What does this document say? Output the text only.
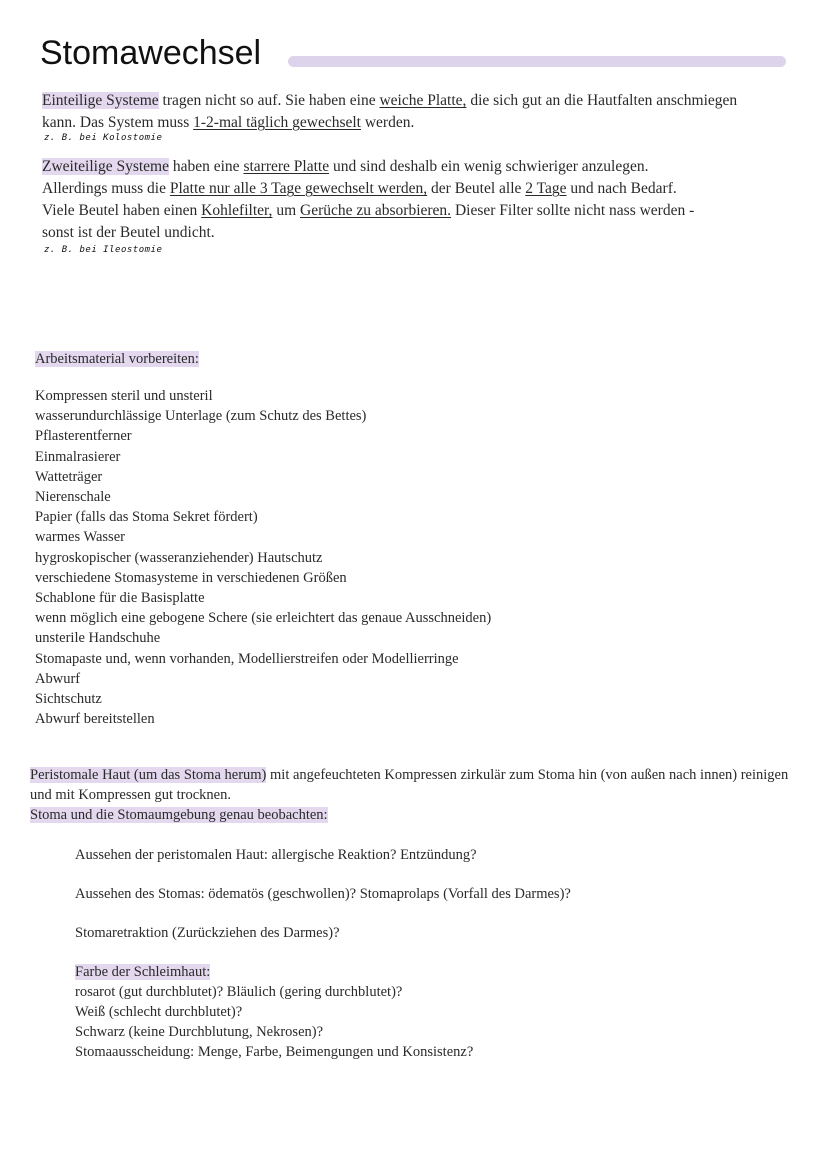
Stomawechsel

Einteilige Systeme tragen nicht so auf. Sie haben eine weiche Platte, die sich gut an die Hautfalten anschmiegen kann. Das System muss 1-2-mal täglich gewechselt werden.

z. B. bei Kolostomie

Zweiteilige Systeme haben eine starrere Platte und sind deshalb ein wenig schwieriger anzulegen. Allerdings muss die Platte nur alle 3 Tage gewechselt werden, der Beutel alle 2 Tage und nach Bedarf. Viele Beutel haben einen Kohlefilter, um Gerüche zu absorbieren. Dieser Filter sollte nicht nass werden - sonst ist der Beutel undicht.

z. B. bei Ileostomie

Arbeitsmaterial vorbereiten:

Kompressen steril und unsteril
wasserundurchlässige Unterlage (zum Schutz des Bettes)
Pflasterentferner
Einmalrasierer
Watteträger
Nierenschale
Papier (falls das Stoma Sekret fördert)
warmes Wasser
hygroskopischer (wasseranziehender) Hautschutz
verschiedene Stomasysteme in verschiedenen Größen
Schablone für die Basisplatte
wenn möglich eine gebogene Schere (sie erleichtert das genaue Ausschneiden)
unsterile Handschuhe
Stomapaste und, wenn vorhanden, Modellierstreifen oder Modellierringe
Abwurf
Sichtschutz
Abwurf bereitstellen

Peristomale Haut (um das Stoma herum) mit angefeuchteten Kompressen zirkulär zum Stoma hin (von außen nach innen) reinigen und mit Kompressen gut trocknen.

Stoma und die Stomaumgebung genau beobachten:

Aussehen der peristomalen Haut: allergische Reaktion? Entzündung?

Aussehen des Stomas: ödematös (geschwollen)? Stomaprolaps (Vorfall des Darmes)?

Stomaretraktion (Zurückziehen des Darmes)?

Farbe der Schleimhaut:

rosarot (gut durchblutet)? Bläulich (gering durchblutet)?
Weiß (schlecht durchblutet)?
Schwarz (keine Durchblutung, Nekrosen)?
Stomaausscheidung: Menge, Farbe, Beimengungen und Konsistenz?
